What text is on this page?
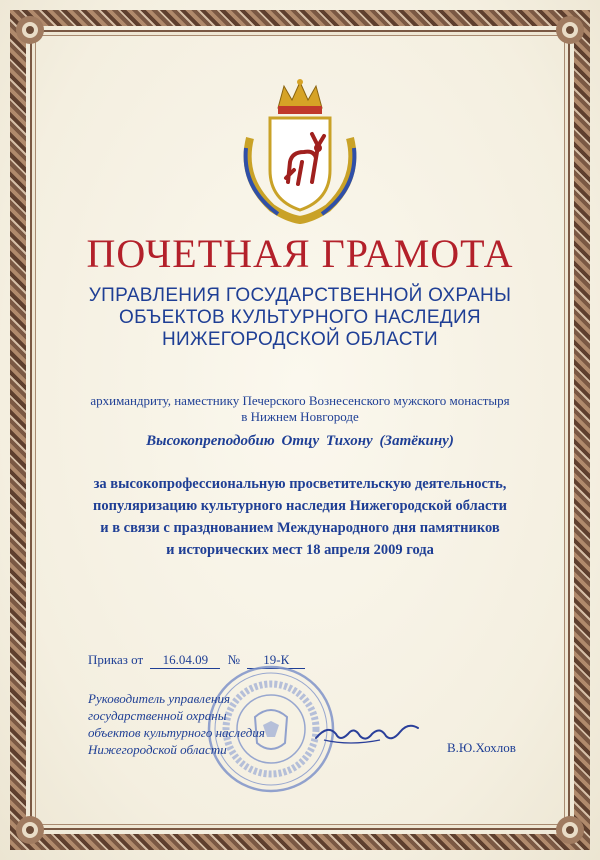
ПОЧЕТНАЯ ГРАМОТА
УПРАВЛЕНИЯ ГОСУДАРСТВЕННОЙ ОХРАНЫ
ОБЪЕКТОВ КУЛЬТУРНОГО НАСЛЕДИЯ
НИЖЕГОРОДСКОЙ ОБЛАСТИ
архимандриту, наместнику Печерского Вознесенского мужского монастыря
в Нижнем Новгороде
Высокопреподобию Отцу Тихону (Затёкину)
за высокопрофессиональную просветительскую деятельность,
популяризацию культурного наследия Нижегородской области
и в связи с празднованием Международного дня памятников
и исторических мест 18 апреля 2009 года
Приказ от 16.04.09 № 19-К
Руководитель управления
государственной охраны
объектов культурного наследия
Нижегородской области	В.Ю.Хохлов
